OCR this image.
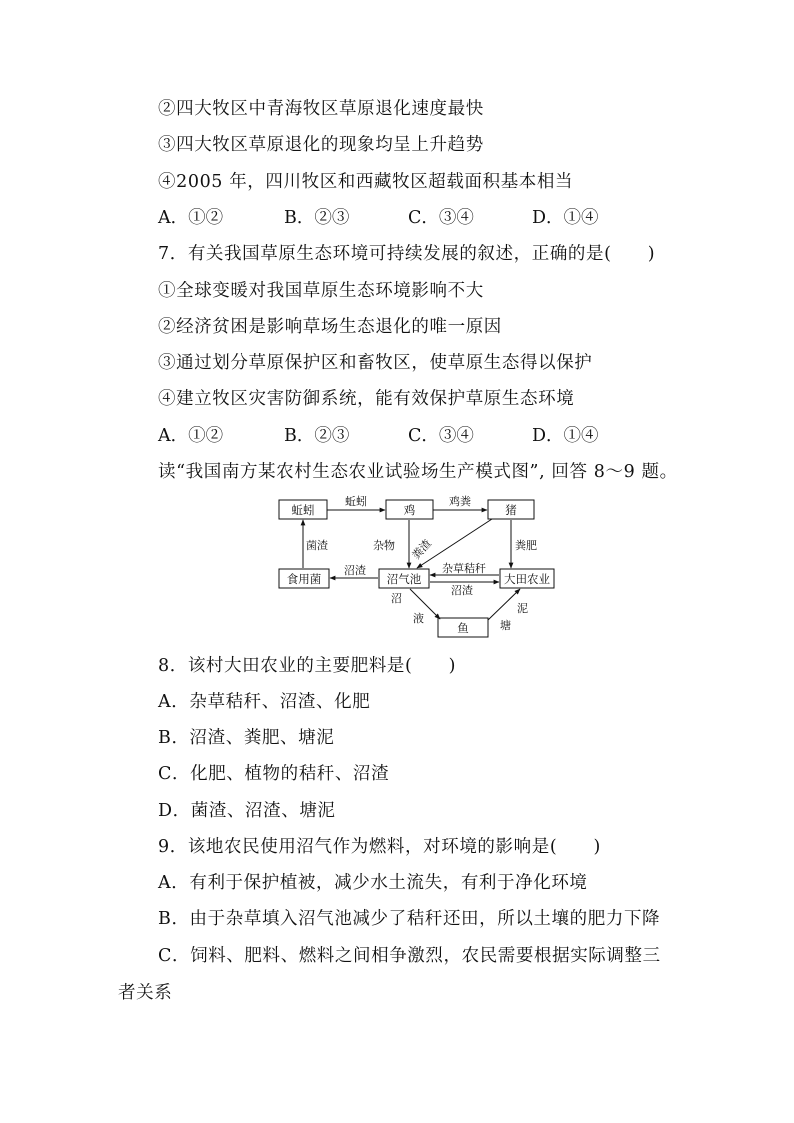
②四大牧区中青海牧区草原退化速度最快
③四大牧区草原退化的现象均呈上升趋势
④2005 年，四川牧区和西藏牧区超载面积基本相当
A．①②	B．②③	C．③④	D．①④
7．有关我国草原生态环境可持续发展的叙述，正确的是(　　)
①全球变暖对我国草原生态环境影响不大
②经济贫困是影响草场生态退化的唯一原因
③通过划分草原保护区和畜牧区，使草原生态得以保护
④建立牧区灾害防御系统，能有效保护草原生态环境
A．①②	B．②③	C．③④	D．①④
读“我国南方某农村生态农业试验场生产模式图”, 回答 8～9 题。
蚯蚓	鸡	猪
食用菌	沼气池	大田农业
鱼
蚯蚓	鸡粪
菌渣	杂物 粪渣	粪肥
沼渣	杂草秸秆
沼渣
沼
液
泥
塘
8．该村大田农业的主要肥料是(　　)
A．杂草秸秆、沼渣、化肥
B．沼渣、粪肥、塘泥
C．化肥、植物的秸秆、沼渣
D．菌渣、沼渣、塘泥
9．该地农民使用沼气作为燃料，对环境的影响是(　　)
A．有利于保护植被，减少水土流失，有利于净化环境
B．由于杂草填入沼气池减少了秸秆还田，所以土壤的肥力下降
C．饲料、肥料、燃料之间相争激烈，农民需要根据实际调整三
者关系
